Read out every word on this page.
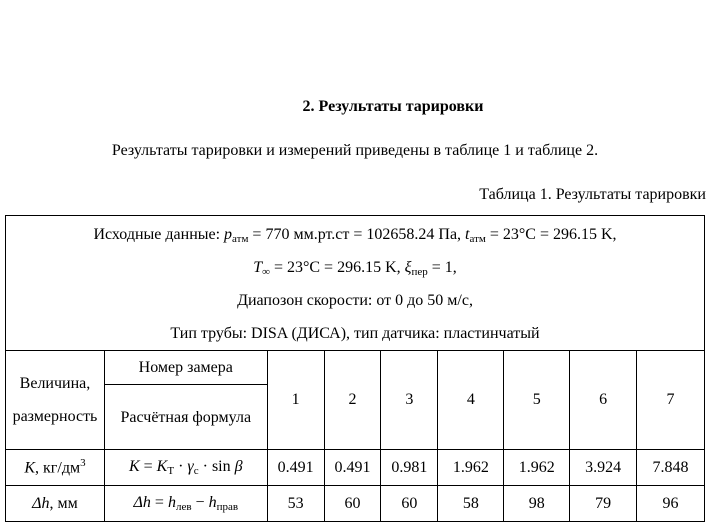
2. Результаты тарировки
Результаты тарировки и измерений приведены в таблице 1 и таблице 2.
Таблица 1. Результаты тарировки
Исходные данные: $p_{атм} = 770$ мм.рт.ст = 102658.24 Па, $t_{атм} = 23^\circ C = 296.15$ K,
$T_\infty = 23^\circ C = 296.15$ K, $\xi_{пер} = 1$,
Диапозон скорости: от 0 до 50 м/с,
Тип трубы: DISA (ДИСА), тип датчика: пластинчатый								

Величина, размерность	Номер замера	1	2	3	4	5	6	7
	Расчётная формула							
K, $кг/дм^3$	$K = K_T \cdot \gamma_c \cdot \sin \beta$	0.491	0.491	0.981	1.962	1.962	3.924	7.848
Δh, мм	$\Delta h = h_{лев} - h_{прав}$	53	60	60	58	98	79	96
